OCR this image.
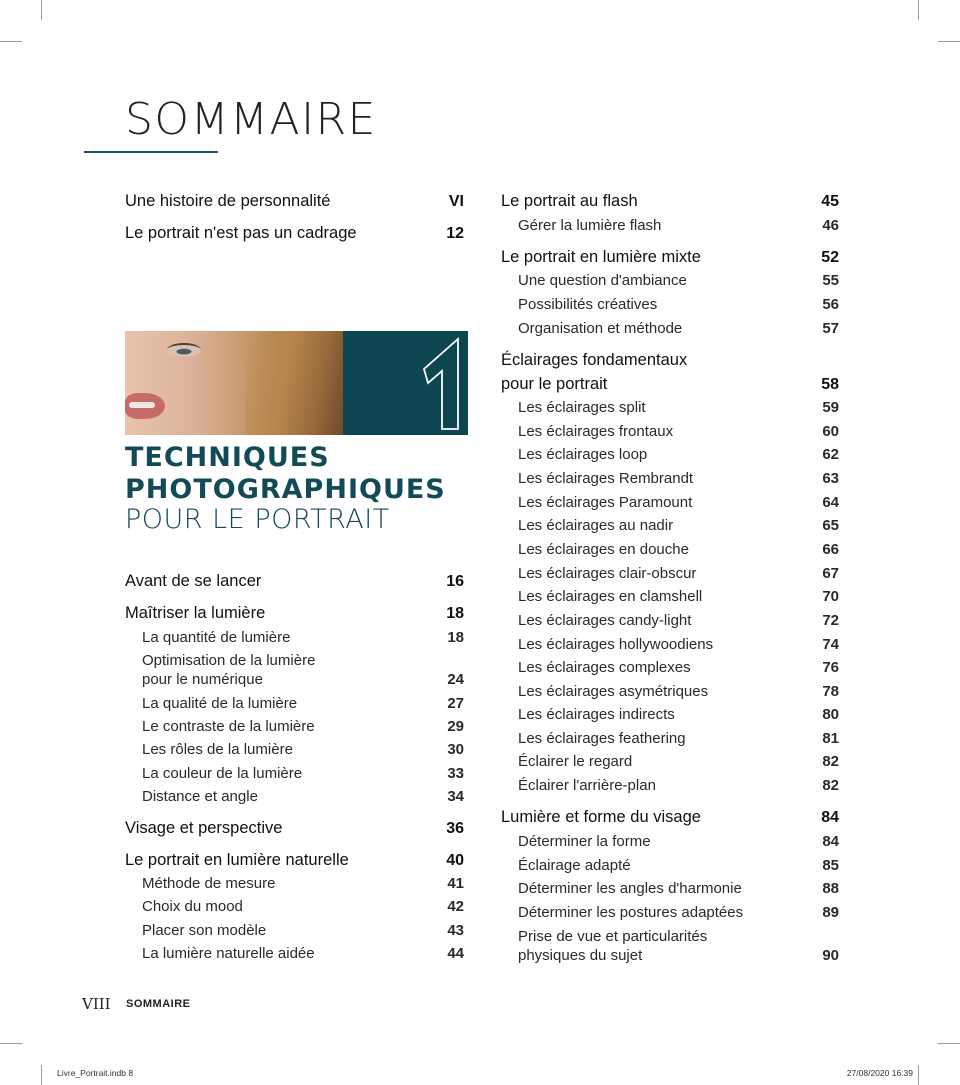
SOMMAIRE
Une histoire de personnalité	VI
Le portrait n'est pas un cadrage	12
TECHNIQUES
PHOTOGRAPHIQUES
POUR LE PORTRAIT
Avant de se lancer	16
Maîtriser la lumière	18
La quantité de lumière	18
Optimisation de la lumière
pour le numérique	24
La qualité de la lumière	27
Le contraste de la lumière	29
Les rôles de la lumière	30
La couleur de la lumière	33
Distance et angle	34
Visage et perspective	36
Le portrait en lumière naturelle	40
Méthode de mesure	41
Choix du mood	42
Placer son modèle	43
La lumière naturelle aidée	44
Le portrait au flash	45
Gérer la lumière flash	46
Le portrait en lumière mixte	52
Une question d'ambiance	55
Possibilités créatives	56
Organisation et méthode	57
Éclairages fondamentaux
pour le portrait	58
Les éclairages split	59
Les éclairages frontaux	60
Les éclairages loop	62
Les éclairages Rembrandt	63
Les éclairages Paramount	64
Les éclairages au nadir	65
Les éclairages en douche	66
Les éclairages clair-obscur	67
Les éclairages en clamshell	70
Les éclairages candy-light	72
Les éclairages hollywoodiens	74
Les éclairages complexes	76
Les éclairages asymétriques	78
Les éclairages indirects	80
Les éclairages feathering	81
Éclairer le regard	82
Éclairer l'arrière-plan	82
Lumière et forme du visage	84
Déterminer la forme	84
Éclairage adapté	85
Déterminer les angles d'harmonie	88
Déterminer les postures adaptées	89
Prise de vue et particularités
physiques du sujet	90
VIII SOMMAIRE
Livre_Portrait.indb 8	27/08/2020 16:39
